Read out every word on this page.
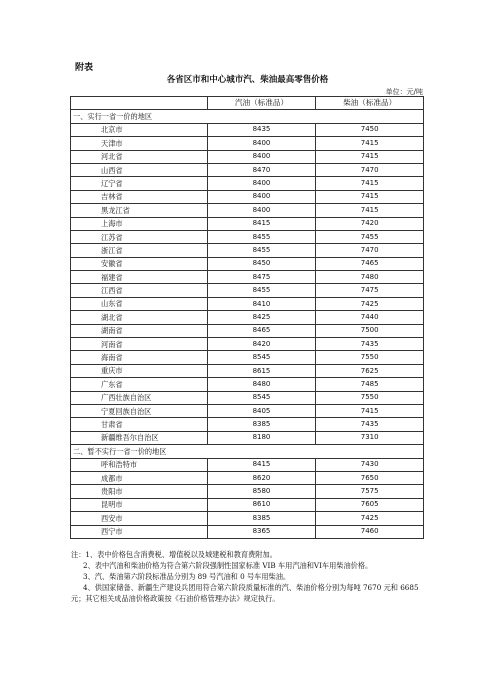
附表
各省区市和中心城市汽、柴油最高零售价格
单位：元/吨
	汽油（标准品）	柴油（标准品）
一、实行一省一价的地区		
北京市	8435	7450
天津市	8400	7415
河北省	8400	7415
山西省	8470	7470
辽宁省	8400	7415
吉林省	8400	7415
黑龙江省	8400	7415
上海市	8415	7420
江苏省	8455	7455
浙江省	8455	7470
安徽省	8450	7465
福建省	8475	7480
江西省	8455	7475
山东省	8410	7425
湖北省	8425	7440
湖南省	8465	7500
河南省	8420	7435
海南省	8545	7550
重庆市	8615	7625
广东省	8480	7485
广西壮族自治区	8545	7550
宁夏回族自治区	8405	7415
甘肃省	8385	7435
新疆维吾尔自治区	8180	7310
二、暂不实行一省一价的地区		
呼和浩特市	8415	7430
成都市	8620	7650
贵阳市	8580	7575
昆明市	8610	7605
西安市	8385	7425
西宁市	8365	7460

注：1、表中价格包含消费税、增值税以及城建税和教育费附加。

2、表中汽油和柴油价格为符合第六阶段强制性国家标准 VIB 车用汽油和VI车用柴油价格。

3、汽、柴油第六阶段标准品分别为 89 号汽油和 0 号车用柴油。

4、供国家储备、新疆生产建设兵团用符合第六阶段质量标准的汽、柴油价格分别为每吨 7670 元和 6685 元；其它相关成品油价格政策按《石油价格管理办法》规定执行。
